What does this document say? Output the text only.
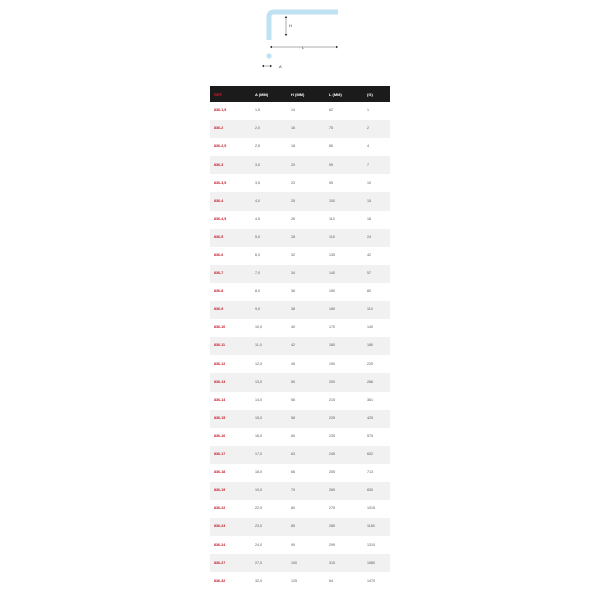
H
L
A
REF.	A (MM)	H (MM)	L (MM)	(G)
836-1,5	1,5	14	62	1
836-2	2,0	16	75	2
836-2,5	2,5	18	85	4
836-3	3,0	20	95	7
836-3,5	3,5	23	95	10
836-4	4,0	25	100	15
836-4,5	4,5	26	110	18
836-5	5,0	28	115	24
836-6	6,0	32	135	42
836-7	7,0	34	140	57
836-8	8,0	36	150	80
836-9	9,0	38	160	110
836-10	10,0	40	170	140
836-11	11,0	42	180	180
836-12	12,0	45	190	225
836-13	13,0	50	200	286
836-14	14,0	56	215	361
836-15	15,0	58	225	425
836-16	16,0	60	235	575
836-17	17,0	63	245	602
836-18	18,0	66	255	713
836-19	19,0	70	265	830
836-22	22,0	80	275	1015
836-23	23,0	85	285	1160
836-24	24,0	90	299	1310
836-27	27,0	100	315	1580
836-32	32,0	125	64	1470
